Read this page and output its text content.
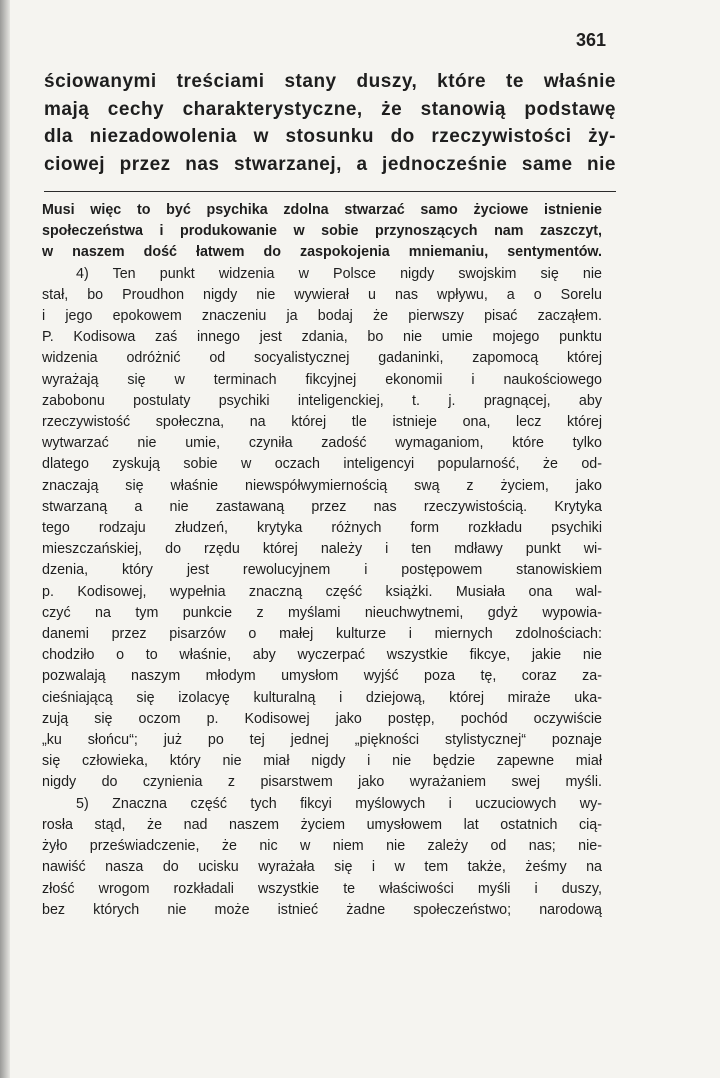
361
ściowanymi treściami stany duszy, które te właśnie
mają cechy charakterystyczne, że stanowią podstawę
dla niezadowolenia w stosunku do rzeczywistości ży-
ciowej przez nas stwarzanej, a jednocześnie same nie
Musi więc to być psychika zdolna stwarzać samo życiowe istnienie
społeczeństwa i produkowanie w sobie przynoszących nam zaszczyt,
w naszem dość łatwem do zaspokojenia mniemaniu, sentymentów.
4) Ten punkt widzenia w Polsce nigdy swojskim się nie
stał, bo Proudhon nigdy nie wywierał u nas wpływu, a o Sorelu
i jego epokowem znaczeniu ja bodaj że pierwszy pisać zacząłem.
P. Kodisowa zaś innego jest zdania, bo nie umie mojego punktu
widzenia odróżnić od socyalistycznej gadaninki, zapomocą której
wyrażają się w terminach fikcyjnej ekonomii i naukościowego
zabobonu postulaty psychiki inteligenckiej, t. j. pragnącej, aby
rzeczywistość społeczna, na której tle istnieje ona, lecz której
wytwarzać nie umie, czyniła zadość wymaganiom, które tylko
dlatego zyskują sobie w oczach inteligencyi popularność, że od-
znaczają się właśnie niewspółwymiernością swą z życiem, jako
stwarzaną a nie zastawaną przez nas rzeczywistością. Krytyka
tego rodzaju złudzeń, krytyka różnych form rozkładu psychiki
mieszczańskiej, do rzędu której należy i ten mdławy punkt wi-
dzenia, który jest rewolucyjnem i postępowem stanowiskiem
p. Kodisowej, wypełnia znaczną część książki. Musiała ona wal-
czyć na tym punkcie z myślami nieuchwytnemi, gdyż wypowia-
danemi przez pisarzów o małej kulturze i miernych zdolnościach:
chodziło o to właśnie, aby wyczerpać wszystkie fikcye, jakie nie
pozwalają naszym młodym umysłom wyjść poza tę, coraz za-
cieśniającą się izolacyę kulturalną i dziejową, której miraże uka-
zują się oczom p. Kodisowej jako postęp, pochód oczywiście
„ku słońcu“; już po tej jednej „piękności stylistycznej“ poznaje
się człowieka, który nie miał nigdy i nie będzie zapewne miał
nigdy do czynienia z pisarstwem jako wyrażaniem swej myśli.
5) Znaczna część tych fikcyi myślowych i uczuciowych wy-
rosła stąd, że nad naszem życiem umysłowem lat ostatnich cią-
żyło przeświadczenie, że nic w niem nie zależy od nas; nie-
nawiść nasza do ucisku wyrażała się i w tem także, żeśmy na
złość wrogom rozkładali wszystkie te właściwości myśli i duszy,
bez których nie może istnieć żadne społeczeństwo; narodową
